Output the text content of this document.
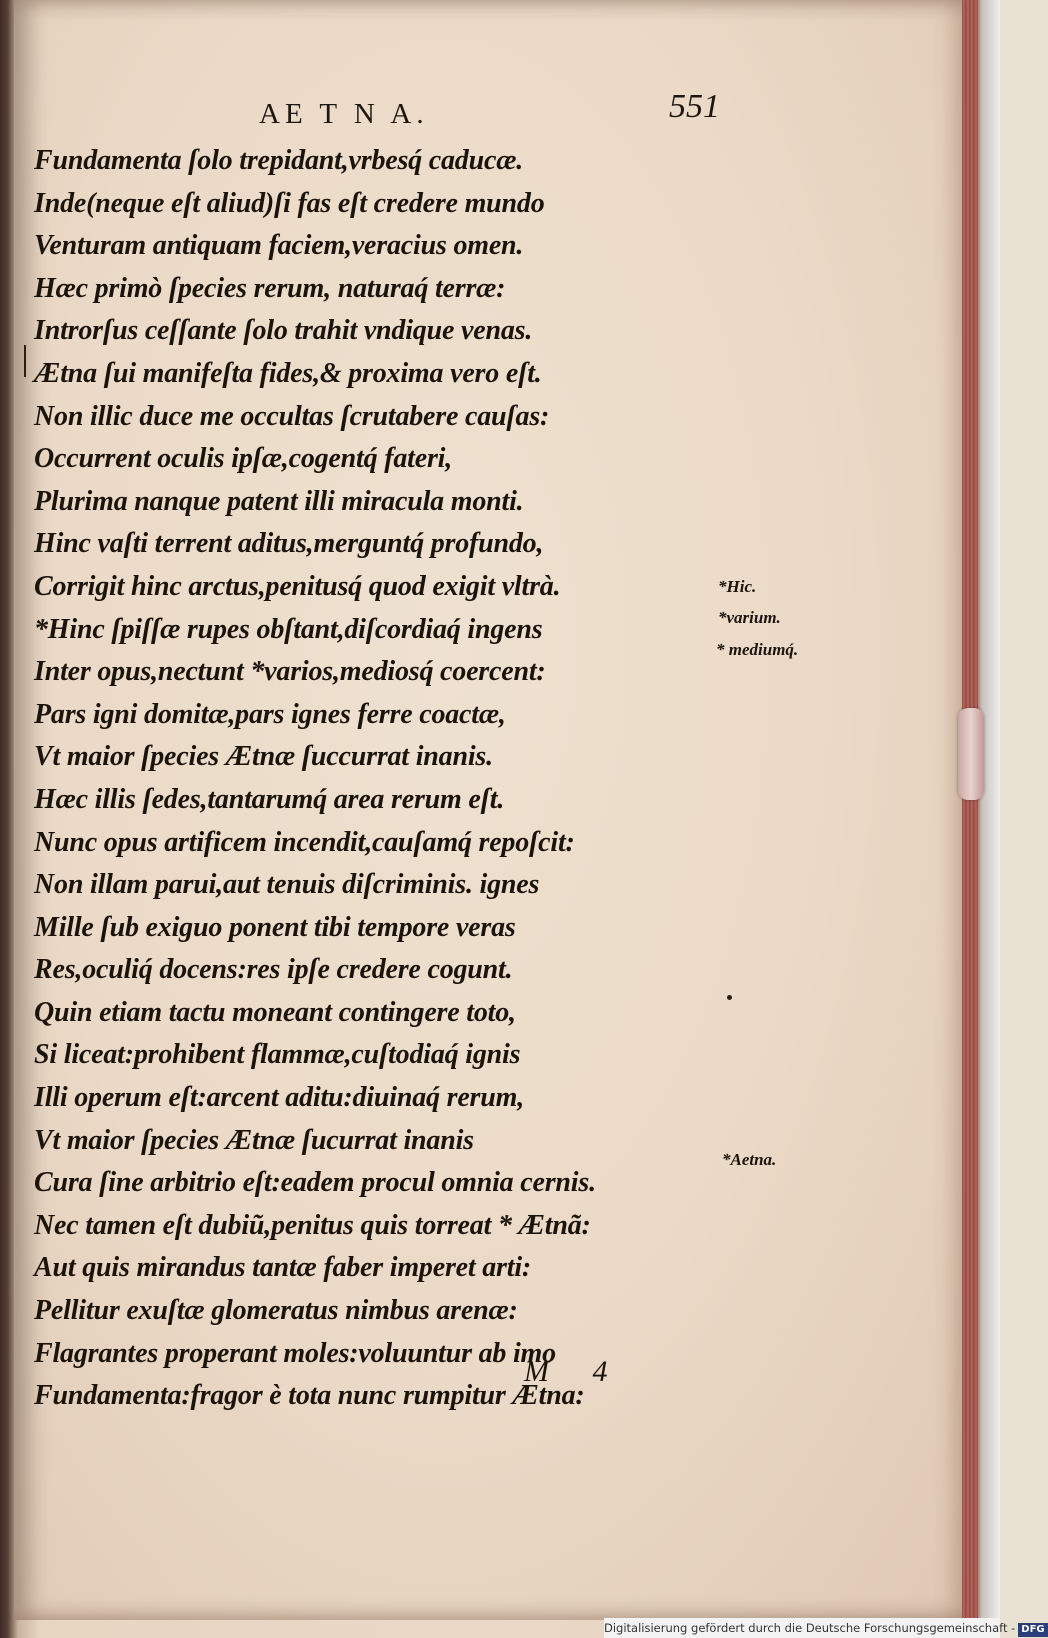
AE T N A.	551
Fundamenta ſolo trepidant,vrbesq́ caducæ.
Inde(neque eſt aliud)ſi fas eſt credere mundo
Venturam antiquam faciem,veracius omen.
Hæc primò ſpecies rerum, naturaq́ terræ:
Introrſus ceſſante ſolo trahit vndique venas.
Ætna ſui manifeſta fides,& proxima vero eſt.
Non illic duce me occultas ſcrutabere cauſas:
Occurrent oculis ipſæ,cogentq́ fateri,
Plurima nanque patent illi miracula monti.
Hinc vaſti terrent aditus,merguntq́ profundo,
Corrigit hinc arctus,penitusq́ quod exigit vltrà.
*Hinc ſpiſſæ rupes obſtant,diſcordiaq́ ingens
Inter opus,nectunt *varios,mediosq́ coercent:
Pars igni domitæ,pars ignes ferre coactæ,
Vt maior ſpecies Ætnæ ſuccurrat inanis.
Hæc illis ſedes,tantarumq́ area rerum eſt.
Nunc opus artificem incendit,cauſamq́ repoſcit:
Non illam parui,aut tenuis diſcriminis. ignes
Mille ſub exiguo ponent tibi tempore veras
Res,oculiq́ docens:res ipſe credere cogunt.
Quin etiam tactu moneant contingere toto,
Si liceat:prohibent flammæ,cuſtodiaq́ ignis
Illi operum eſt:arcent aditu:diuinaq́ rerum,
Vt maior ſpecies Ætnæ ſucurrat inanis
Cura ſine arbitrio eſt:eadem procul omnia cernis.
Nec tamen eſt dubiũ,penitus quis torreat * Ætnã:
Aut quis mirandus tantæ faber imperet arti:
Pellitur exuſtæ glomeratus nimbus arenæ:
Flagrantes properant moles:voluuntur ab imo
Fundamenta:fragor è tota nunc rumpitur Ætna:
M 4
*Hic.
*varium.
* mediumq́.
*Aetna.
Digitalisierung gefördert durch die Deutsche Forschungsgemeinschaft - DFG
